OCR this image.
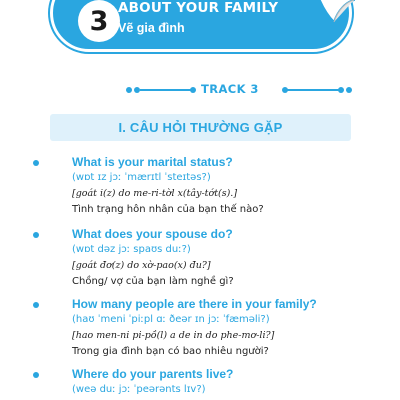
3 ABOUT YOUR FAMILY
Vẽ gia đình
TRACK 3
I. CÂU HỎI THƯỜNG GẶP
What is your marital status?
(wɒt ɪz jɔː ˈmærɪtl ˈsteɪtəs?)
[goát i(z) do me-ri-tờl x(tây-tớt(s).]
Tình trạng hôn nhân của bạn thế nào?
What does your spouse do?
(wɒt dəz jɔː spaʊs duː?)
[goát đơ(z) do xờ-pao(x) đu?]
Chồng/ vợ của bạn làm nghề gì?
How many people are there in your family?
(haʊ ˈmeni ˈpiːpl ɑː ðeər ɪn jɔː ˈfæməli?)
[hao men-ni pi-pồ(l) a de in do phe-mơ-li?]
Trong gia đình bạn có bao nhiêu người?
Where do your parents live?
(weə duː jɔː ˈpeərənts lɪv?)
